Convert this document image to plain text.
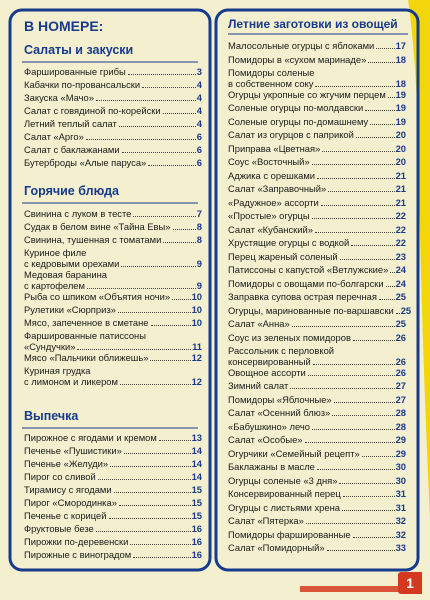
В НОМЕРЕ:	Летние заготовки из овощей
1
Салаты и закуски
Фаршированные грибы	3
Кабачки по-провансальски	4
Закуска «Мачо»	4
Салат с говядиной по-корейски	4
Летний теплый салат	4
Салат «Арго»	6
Салат с баклажанами	6
Бутерброды «Алые паруса»	6
Горячие блюда
Свинина с луком в тесте	7
Судак в белом вине «Тайна Евы»	8
Свинина, тушенная с томатами	8
Куриное филе
с кедровыми орехами	9
Медовая баранина
с картофелем	9
Рыба со шпиком «Объятия ночи» 10
Рулетики «Сюрприз»	10
Мясо, запеченное в сметане	10
Фаршированные патиссоны
«Сундучки»	11
Мясо «Пальчики оближешь»	12
Куриная грудка
с лимоном и ликером	12
Выпечка
Пирожное с ягодами и кремом	13
Печенье «Пушистики»	14
Печенье «Желуди»	14
Пирог со сливой	14
Тирамису с ягодами	15
Пирог «Смородинка»	15
Печенье с корицей	15
Фруктовые безе	16
Пирожки по-деревенски	16
Пирожные с виноградом	16
Малосольные огурцы с яблоками 17
Помидоры в «сухом маринаде»	18
Помидоры соленые
в собственном соку	18
Огурцы укропные со жгучим перцем 19
Соленые огурцы по-молдавски	19
Соленые огурцы по-домашнему	19
Салат из огурцов с паприкой	20
Приправа «Цветная»	20
Соус «Восточный»	20
Аджика с орешками	21
Салат «Заправочный»	21
«Радужное» ассорти	21
«Простые» огурцы	22
Салат «Кубанский»	22
Хрустящие огурцы с водкой	22
Перец жареный соленый	23
Патиссоны с капустой «Ветлужские» 24
Помидоры с овощами по-болгарски 24
Заправка супова острая перечная 25
Огурцы, маринованные по-варшавски 25
Салат «Анна»	25
Соус из зеленых помидоров	26
Рассольник с перловкой
консервированный	26
Овощное ассорти	26
Зимний салат	27
Помидоры «Яблочные»	27
Салат «Осенний блюз»	28
«Бабушкино» лечо	28
Салат «Особые»	29
Огурчики «Семейный рецепт»	29
Баклажаны в масле	30
Огурцы соленые «3 дня»	30
Консервированный перец	31
Огурцы с листьями хрена	31
Салат «Пятерка»	32
Помидоры фаршированные	32
Салат «Помидорный»	33
